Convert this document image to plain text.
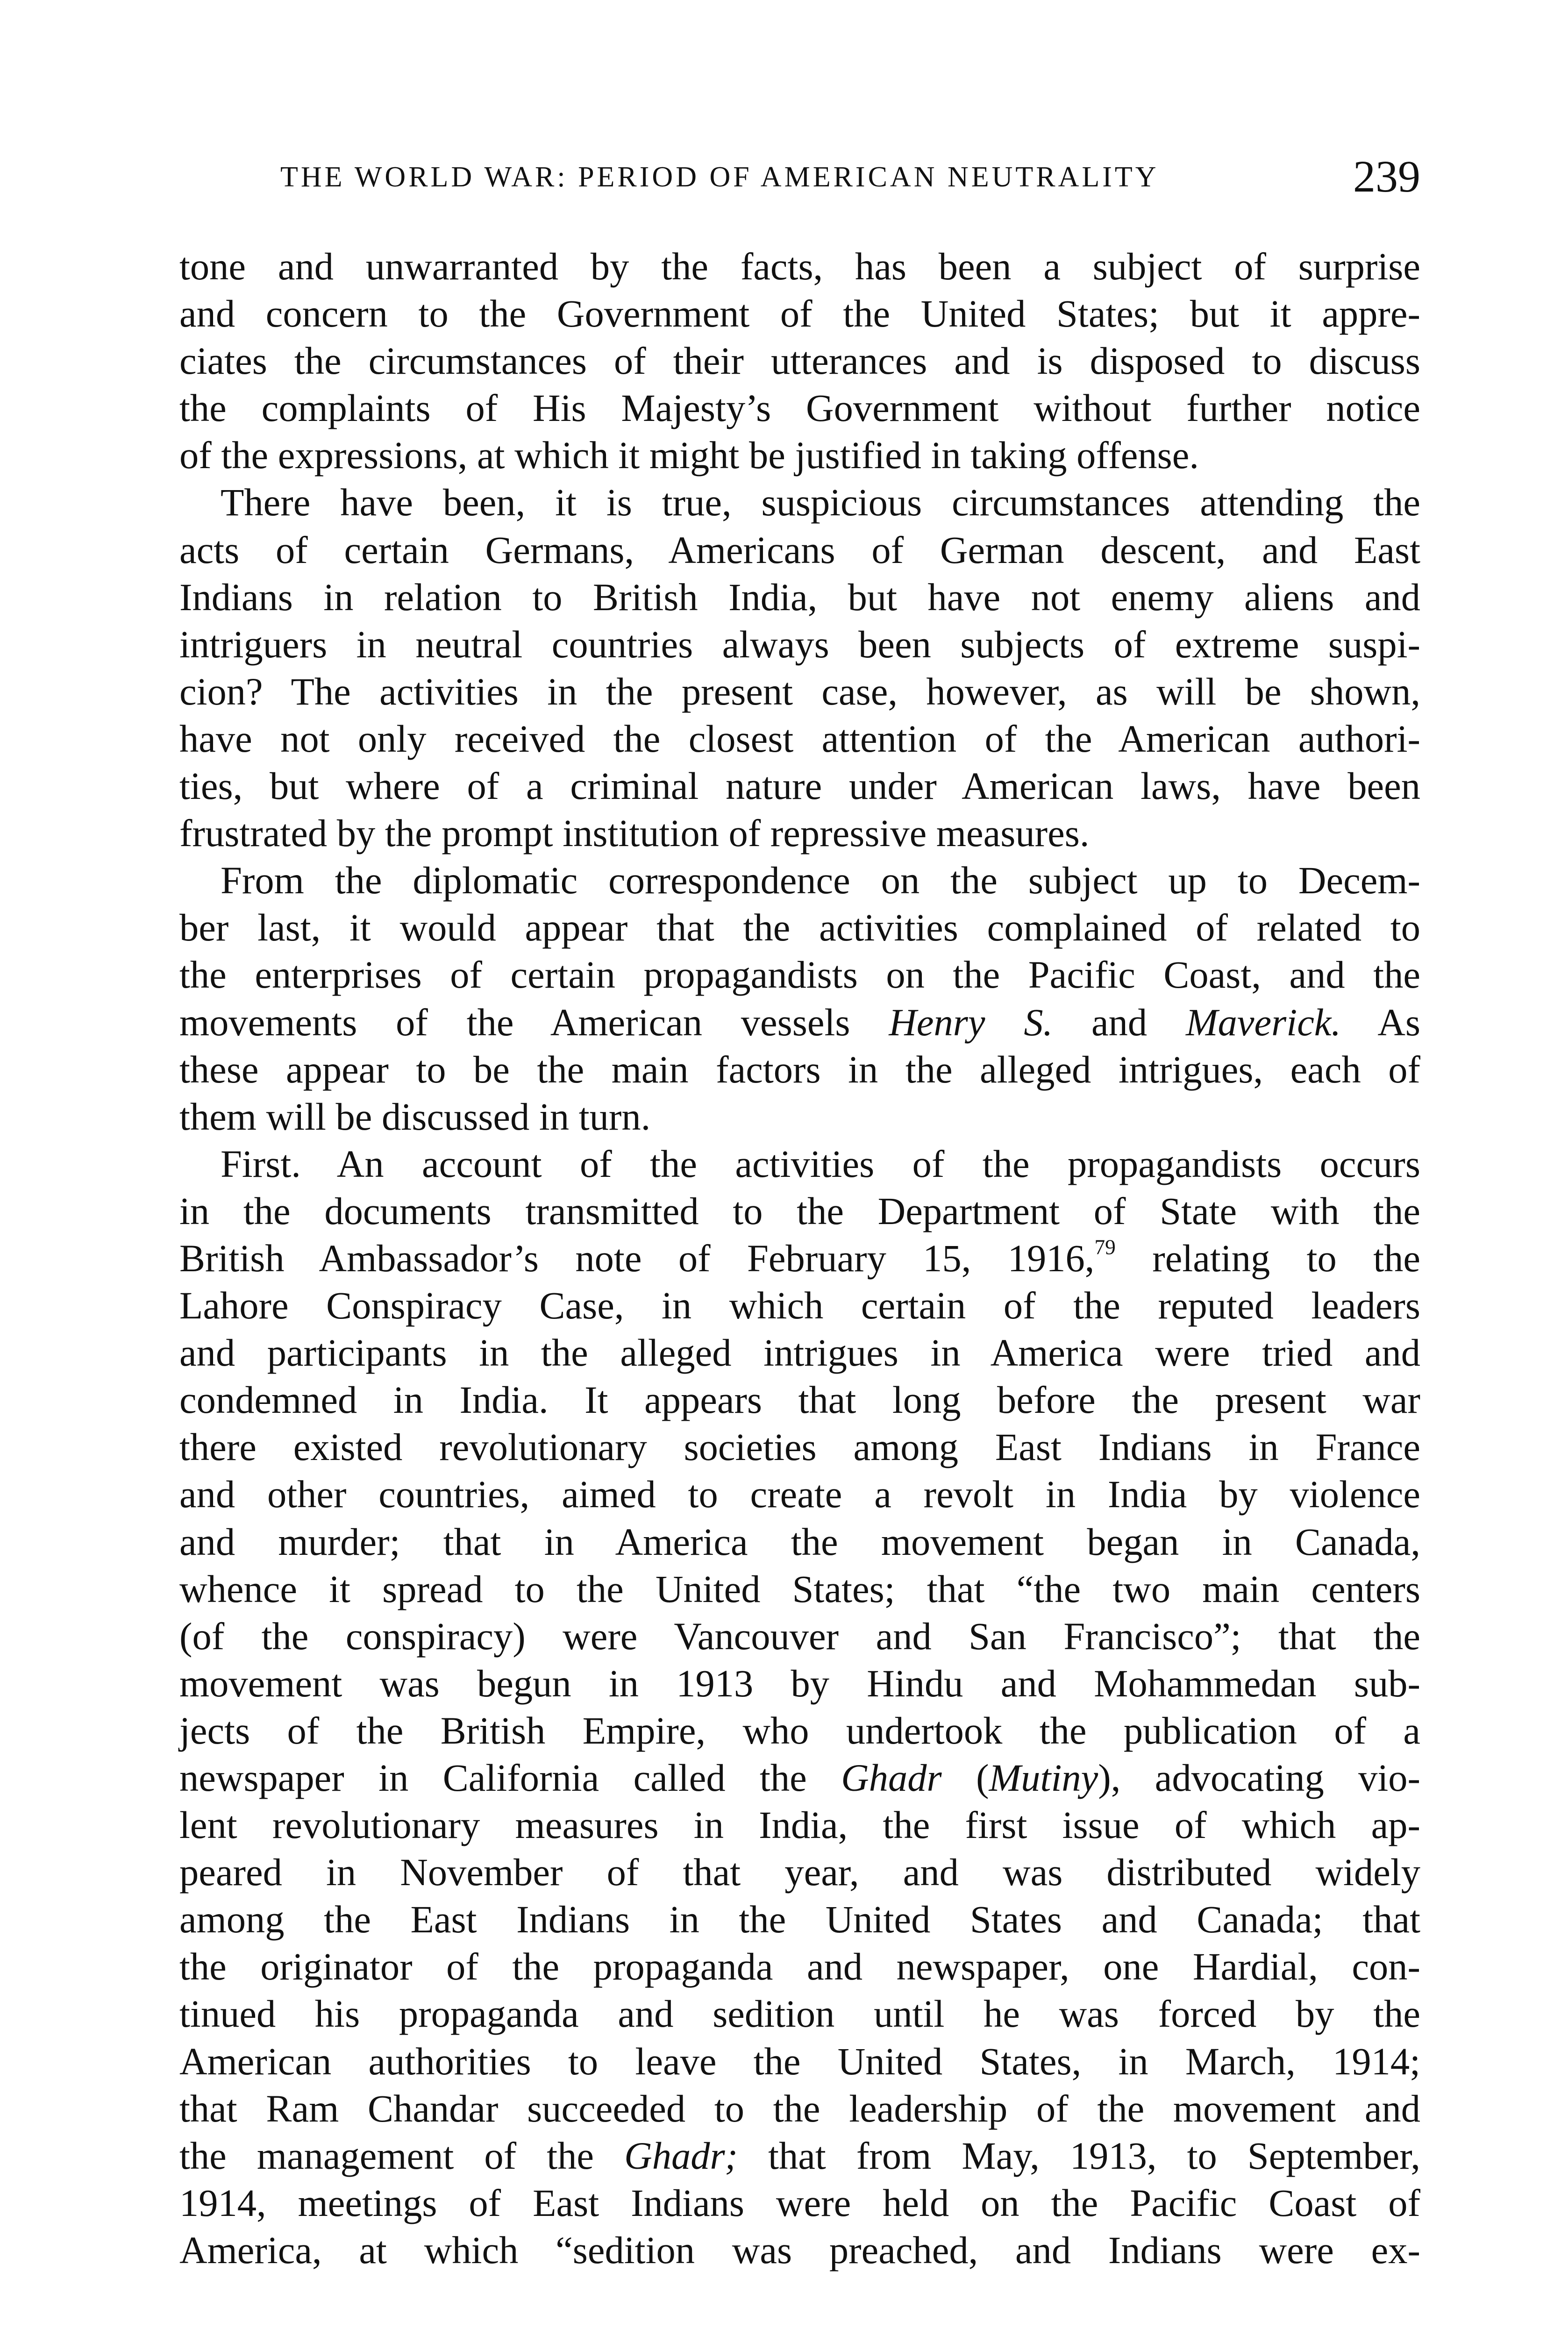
THE WORLD WAR: PERIOD OF AMERICAN NEUTRALITY	239
tone and unwarranted by the facts, has been a subject of surprise
and concern to the Government of the United States; but it appre-
ciates the circumstances of their utterances and is disposed to discuss
the complaints of His Majesty’s Government without further notice
of the expressions, at which it might be justified in taking offense.
There have been, it is true, suspicious circumstances attending the
acts of certain Germans, Americans of German descent, and East
Indians in relation to British India, but have not enemy aliens and
intriguers in neutral countries always been subjects of extreme suspi-
cion? The activities in the present case, however, as will be shown,
have not only received the closest attention of the American authori-
ties, but where of a criminal nature under American laws, have been
frustrated by the prompt institution of repressive measures.
From the diplomatic correspondence on the subject up to Decem-
ber last, it would appear that the activities complained of related to
the enterprises of certain propagandists on the Pacific Coast, and the
movements of the American vessels Henry S. and Maverick. As
these appear to be the main factors in the alleged intrigues, each of
them will be discussed in turn.
First. An account of the activities of the propagandists occurs
in the documents transmitted to the Department of State with the
British Ambassador’s note of February 15, 1916,79 relating to the
Lahore Conspiracy Case, in which certain of the reputed leaders
and participants in the alleged intrigues in America were tried and
condemned in India. It appears that long before the present war
there existed revolutionary societies among East Indians in France
and other countries, aimed to create a revolt in India by violence
and murder; that in America the movement began in Canada,
whence it spread to the United States; that “the two main centers
(of the conspiracy) were Vancouver and San Francisco”; that the
movement was begun in 1913 by Hindu and Mohammedan sub-
jects of the British Empire, who undertook the publication of a
newspaper in California called the Ghadr (Mutiny), advocating vio-
lent revolutionary measures in India, the first issue of which ap-
peared in November of that year, and was distributed widely
among the East Indians in the United States and Canada; that
the originator of the propaganda and newspaper, one Hardial, con-
tinued his propaganda and sedition until he was forced by the
American authorities to leave the United States, in March, 1914;
that Ram Chandar succeeded to the leadership of the movement and
the management of the Ghadr; that from May, 1913, to September,
1914, meetings of East Indians were held on the Pacific Coast of
America, at which “sedition was preached, and Indians were ex-
